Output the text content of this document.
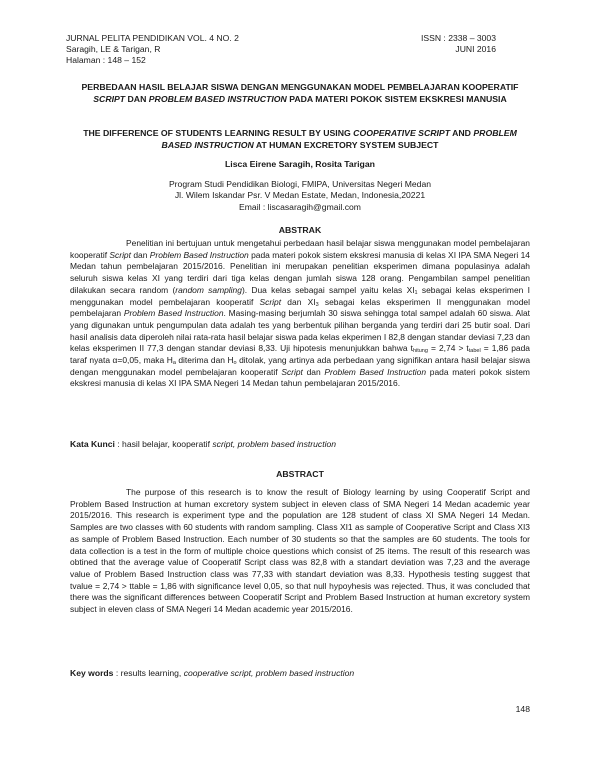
JURNAL PELITA PENDIDIKAN VOL. 4 NO. 2
Saragih, LE & Tarigan, R
Halaman : 148 – 152
ISSN : 2338 – 3003
JUNI 2016
PERBEDAAN HASIL BELAJAR SISWA DENGAN MENGGUNAKAN MODEL PEMBELAJARAN KOOPERATIF SCRIPT DAN PROBLEM BASED INSTRUCTION PADA MATERI POKOK SISTEM EKSKRESI MANUSIA
THE DIFFERENCE OF STUDENTS LEARNING RESULT BY USING COOPERATIVE SCRIPT AND PROBLEM BASED INSTRUCTION AT HUMAN EXCRETORY SYSTEM SUBJECT
Lisca Eirene Saragih, Rosita Tarigan
Program Studi Pendidikan Biologi, FMIPA, Universitas Negeri Medan
Jl. Wilem Iskandar Psr. V Medan Estate, Medan, Indonesia,20221
Email : liscasaragih@gmail.com
ABSTRAK
Penelitian ini bertujuan untuk mengetahui perbedaan hasil belajar siswa menggunakan model pembelajaran kooperatif Script dan Problem Based Instruction pada materi pokok sistem ekskresi manusia di kelas XI IPA SMA Negeri 14 Medan tahun pembelajaran 2015/2016. Penelitian ini merupakan penelitian eksperimen dimana populasinya adalah seluruh siswa kelas XI yang terdiri dari tiga kelas dengan jumlah siswa 128 orang. Pengambilan sampel penelitian dilakukan secara random (random sampling). Dua kelas sebagai sampel yaitu kelas $XI_1$ sebagai kelas eksperimen I menggunakan model pembelajaran kooperatif Script dan $XI_3$ sebagai kelas eksperimen II menggunakan model pembelajaran Problem Based Instruction. Masing-masing berjumlah 30 siswa sehingga total sampel adalah 60 siswa. Alat yang digunakan untuk pengumpulan data adalah tes yang berbentuk pilihan berganda yang terdiri dari 25 butir soal. Dari hasil analisis data diperoleh nilai rata-rata hasil belajar siswa pada kelas ekperimen I 82,8 dengan standar deviasi 7,23 dan kelas eksperimen II 77,3 dengan standar deviasi 8,33. Uji hipotesis menunjukkan bahwa $t_{hitung} = 2,74 > t_{tabel} = 1,86$ pada taraf nyata α=0,05, maka $H_a$ diterima dan $H_o$ ditolak, yang artinya ada perbedaan yang signifikan antara hasil belajar siswa dengan menggunakan model pembelajaran kooperatif Script dan Problem Based Instruction pada materi pokok sistem ekskresi manusia di kelas XI IPA SMA Negeri 14 Medan tahun pembelajaran 2015/2016.
Kata Kunci : hasil belajar, kooperatif script, problem based instruction
ABSTRACT
The purpose of this research is to know the result of Biology learning by using Cooperatif Script and Problem Based Instruction at human excretory system subject in eleven class of SMA Negeri 14 Medan academic year 2015/2016. This research is experiment type and the population are 128 student of class XI SMA Negeri 14 Medan. Samples are two classes with 60 students with random sampling. Class XI1 as sample of Cooperative Script and Class XI3 as sample of Problem Based Instruction. Each number of 30 students so that the samples are 60 students. The tools for data collection is a test in the form of multiple choice questions which consist of 25 items. The result of this research was obtined that the average value of Cooperatif Script class was 82,8 with a standart deviation was 7,23 and the average value of Problem Based Instruction class was 77,33 with standart deviation was 8,33. Hypothesis testing suggest that tvalue = 2,74 > ttable = 1,86 with significance level 0,05, so that null hypoyhesis was rejected. Thus, it was concluded that there was the significant differences between Cooperatif Script and Problem Based Instruction at human excretory system subject in eleven class of SMA Negeri 14 Medan academic year 2015/2016.
Key words : results learning, cooperative script, problem based instruction
148
